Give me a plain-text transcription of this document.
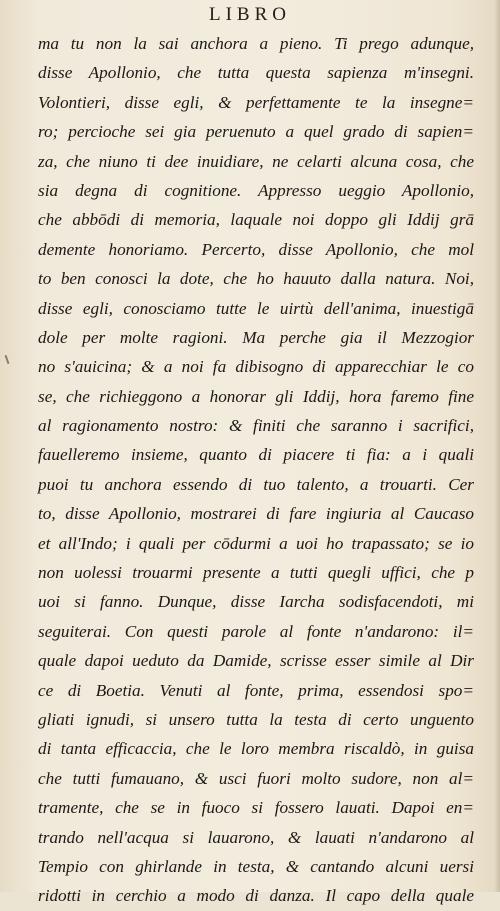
LIBRO
ma tu non la sai anchora a pieno. Ti prego adunque,
disse Apollonio, che tutta questa sapienza m'insegni.
Volontieri, disse egli, & perfettamente te la insegne=
ro; percioche sei gia peruenuto a quel grado di sapien=
za, che niuno ti dee inuidiare, ne celarti alcuna cosa, che
sia degna di cognitione. Appresso ueggio Apollonio,
che abbōdi di memoria, laquale noi doppo gli Iddij grā
demente honoriamo. Percerto, disse Apollonio, che mol
to ben conosci la dote, che ho hauuto dalla natura. Noi,
disse egli, conosciamo tutte le uirtù dell'anima, inuestigā
dole per molte ragioni. Ma perche gia il Mezzogior
no s'auicina; & a noi fa dibisogno di apparecchiar le co
se, che richieggono a honorar gli Iddij, hora faremo fine
al ragionamento nostro: & finiti che saranno i sacrifici,
fauelleremo insieme, quanto di piacere ti fia: a i quali
puoi tu anchora essendo di tuo talento, a trouarti. Cer
to, disse Apollonio, mostrarei di fare ingiuria al Caucaso
et all'Indo; i quali per cōdurmi a uoi ho trapassato; se io
non uolessi trouarmi presente a tutti quegli uffici, che p
uoi si fanno. Dunque, disse Iarcha sodisfacendoti, mi
seguiterai. Con questi parole al fonte n'andarono: il=
quale dapoi ueduto da Damide, scrisse esser simile al Dir
ce di Boetia. Venuti al fonte, prima, essendosi spo=
gliati ignudi, si unsero tutta la testa di certo unguento
di tanta efficaccia, che le loro membra riscaldò, in guisa
che tutti fumauano, & usci fuori molto sudore, non al=
tramente, che se in fuoco si fossero lauati. Dapoi en=
trando nell'acqua si lauarono, & lauati n'andarono al
Tempio con ghirlande in testa, & cantando alcuni uersi
ridotti in cerchio a modo di danza. Il capo della quale
